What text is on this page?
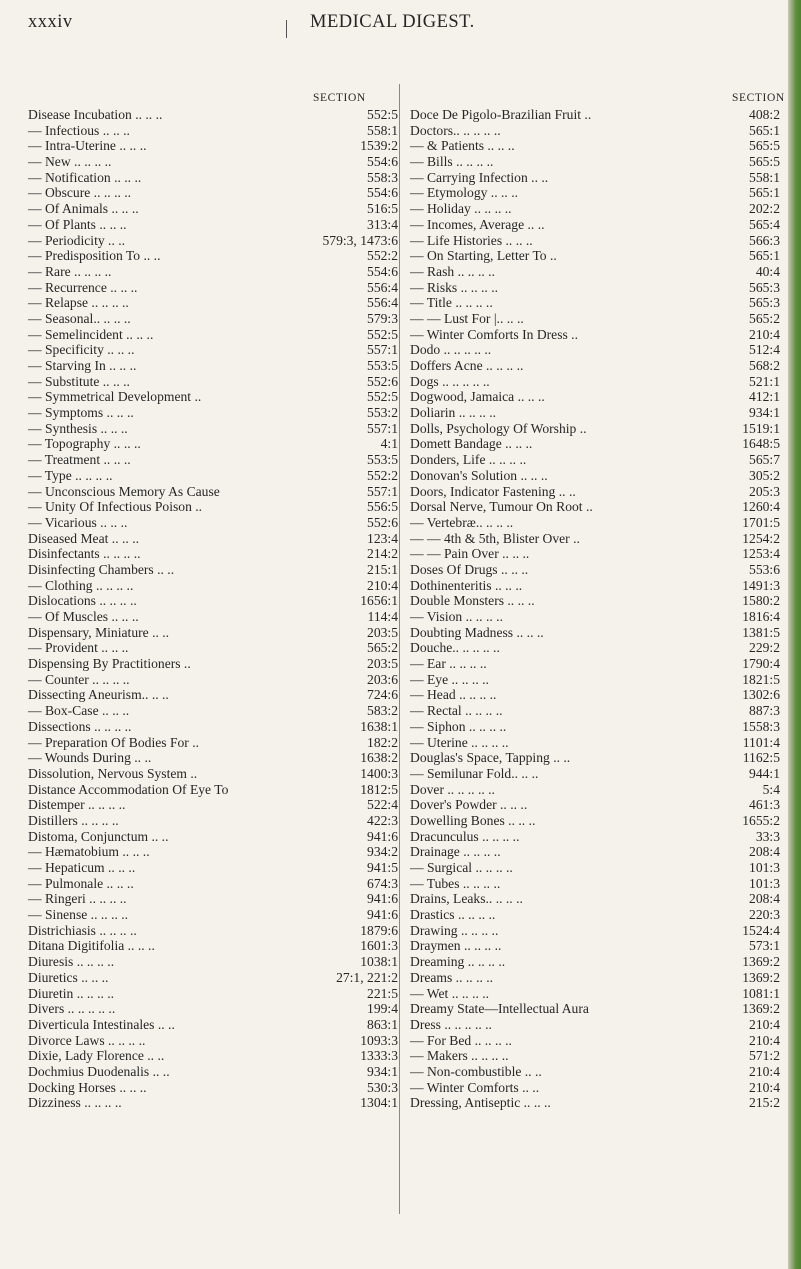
xxxiv	MEDICAL DIGEST.
SECTION	SECTION
Disease Incubation .. .. ..	552:5
— Infectious .. .. ..	558:1
— Intra-Uterine .. .. ..	1539:2
— New .. .. .. ..	554:6
— Notification .. .. ..	558:3
— Obscure .. .. .. ..	554:6
— Of Animals .. .. ..	516:5
— Of Plants .. .. ..	313:4
— Periodicity .. ..	579:3, 1473:6
— Predisposition To .. ..	552:2
— Rare .. .. .. ..	554:6
— Recurrence .. .. ..	556:4
— Relapse .. .. .. ..	556:4
— Seasonal.. .. .. ..	579:3
— Semelincident .. .. ..	552:5
— Specificity .. .. ..	557:1
— Starving In .. .. ..	553:5
— Substitute .. .. ..	552:6
— Symmetrical Development ..	552:5
— Symptoms .. .. ..	553:2
— Synthesis .. .. ..	557:1
— Topography .. .. ..	4:1
— Treatment .. .. ..	553:5
— Type .. .. .. ..	552:2
— Unconscious Memory As Cause	557:1
— Unity Of Infectious Poison ..	556:5
— Vicarious .. .. ..	552:6
Diseased Meat .. .. ..	123:4
Disinfectants .. .. .. ..	214:2
Disinfecting Chambers .. ..	215:1
— Clothing .. .. .. ..	210:4
Dislocations .. .. .. ..	1656:1
— Of Muscles .. .. ..	114:4
Dispensary, Miniature .. ..	203:5
— Provident .. .. ..	565:2
Dispensing By Practitioners ..	203:5
— Counter .. .. .. ..	203:6
Dissecting Aneurism.. .. ..	724:6
— Box-Case .. .. ..	583:2
Dissections .. .. .. ..	1638:1
— Preparation Of Bodies For ..	182:2
— Wounds During .. ..	1638:2
Dissolution, Nervous System ..	1400:3
Distance Accommodation Of Eye To	1812:5
Distemper .. .. .. ..	522:4
Distillers .. .. .. ..	422:3
Distoma, Conjunctum .. ..	941:6
— Hæmatobium .. .. ..	934:2
— Hepaticum .. .. ..	941:5
— Pulmonale .. .. ..	674:3
— Ringeri .. .. .. ..	941:6
— Sinense .. .. .. ..	941:6
Districhiasis .. .. .. ..	1879:6
Ditana Digitifolia .. .. ..	1601:3
Diuresis .. .. .. ..	1038:1
Diuretics .. .. ..	27:1, 221:2
Diuretin .. .. .. ..	221:5
Divers .. .. .. .. ..	199:4
Diverticula Intestinales .. ..	863:1
Divorce Laws .. .. .. ..	1093:3
Dixie, Lady Florence .. ..	1333:3
Dochmius Duodenalis .. ..	934:1
Docking Horses .. .. ..	530:3
Dizziness .. .. .. ..	1304:1
Doce De Pigolo-Brazilian Fruit ..	408:2
Doctors.. .. .. .. ..	565:1
— & Patients .. .. ..	565:5
— Bills .. .. .. ..	565:5
— Carrying Infection .. ..	558:1
— Etymology .. .. ..	565:1
— Holiday .. .. .. ..	202:2
— Incomes, Average .. ..	565:4
— Life Histories .. .. ..	566:3
— On Starting, Letter To ..	565:1
— Rash .. .. .. ..	40:4
— Risks .. .. .. ..	565:3
— Title .. .. .. ..	565:3
— — Lust For |.. .. ..	565:2
— Winter Comforts In Dress ..	210:4
Dodo .. .. .. .. ..	512:4
Doffers Acne .. .. .. ..	568:2
Dogs .. .. .. .. ..	521:1
Dogwood, Jamaica .. .. ..	412:1
Doliarin .. .. .. ..	934:1
Dolls, Psychology Of Worship ..	1519:1
Domett Bandage .. .. ..	1648:5
Donders, Life .. .. .. ..	565:7
Donovan's Solution .. .. ..	305:2
Doors, Indicator Fastening .. ..	205:3
Dorsal Nerve, Tumour On Root ..	1260:4
— Vertebræ.. .. .. ..	1701:5
— — 4th & 5th, Blister Over ..	1254:2
— — Pain Over .. .. ..	1253:4
Doses Of Drugs .. .. ..	553:6
Dothinenteritis .. .. ..	1491:3
Double Monsters .. .. ..	1580:2
— Vision .. .. .. ..	1816:4
Doubting Madness .. .. ..	1381:5
Douche.. .. .. .. ..	229:2
— Ear .. .. .. ..	1790:4
— Eye .. .. .. ..	1821:5
— Head .. .. .. ..	1302:6
— Rectal .. .. .. ..	887:3
— Siphon .. .. .. ..	1558:3
— Uterine .. .. .. ..	1101:4
Douglas's Space, Tapping .. ..	1162:5
— Semilunar Fold.. .. ..	944:1
Dover .. .. .. .. ..	5:4
Dover's Powder .. .. ..	461:3
Dowelling Bones .. .. ..	1655:2
Dracunculus .. .. .. ..	33:3
Drainage .. .. .. ..	208:4
— Surgical .. .. .. ..	101:3
— Tubes .. .. .. ..	101:3
Drains, Leaks.. .. .. ..	208:4
Drastics .. .. .. ..	220:3
Drawing .. .. .. ..	1524:4
Draymen .. .. .. ..	573:1
Dreaming .. .. .. ..	1369:2
Dreams .. .. .. ..	1369:2
— Wet .. .. .. ..	1081:1
Dreamy State—Intellectual Aura	1369:2
Dress .. .. .. .. ..	210:4
— For Bed .. .. .. ..	210:4
— Makers .. .. .. ..	571:2
— Non-combustible .. ..	210:4
— Winter Comforts .. ..	210:4
Dressing, Antiseptic .. .. ..	215:2
